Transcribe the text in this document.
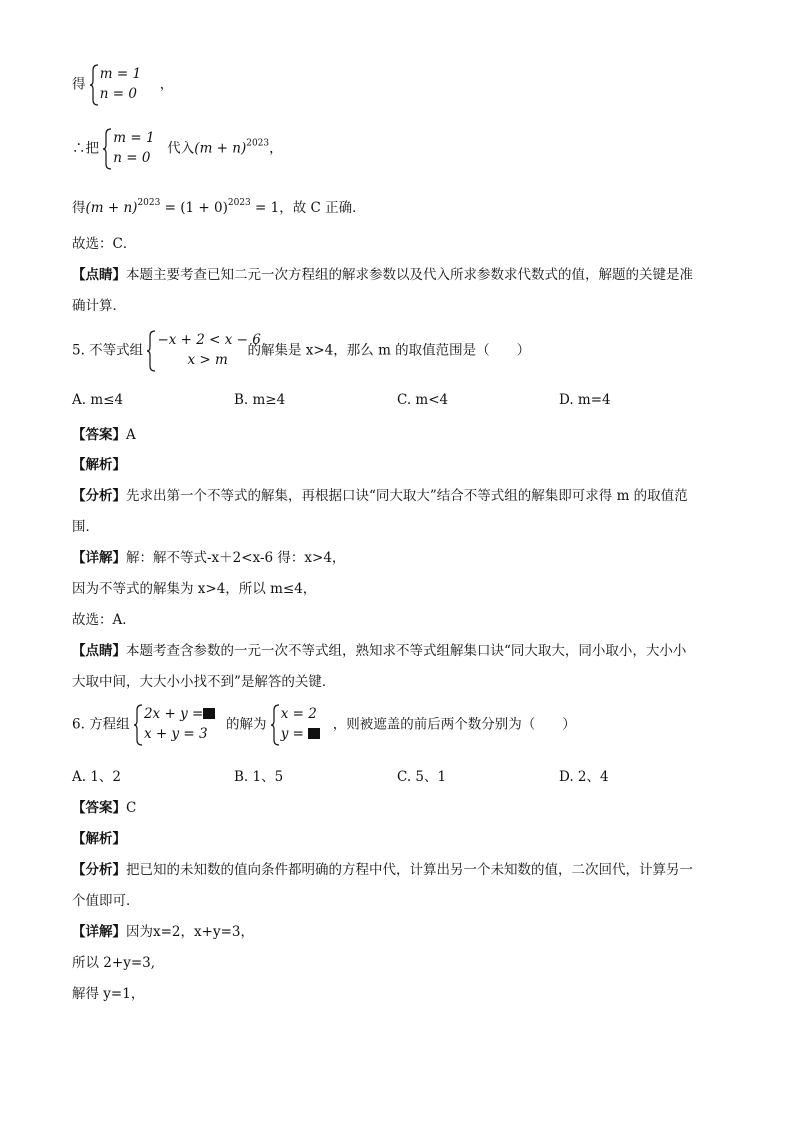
得
m = 1
n = 0
，
∴把
m = 1
n = 0
代入$(m + n)^{2023}$，
得$(m + n)^{2023} = (1 + 0)^{2023} = 1$，故 C 正确．
故选：C．
【点睛】本题主要考查已知二元一次方程组的解求参数以及代入所求参数求代数式的值，解题的关键是准
确计算．
5. 不等式组
−x + 2 < x − 6
x > m
的解集是 x>4，那么 m 的取值范围是（　　）
A. m≤4	B. m≥4	C. m<4	D. m=4
【答案】A
【解析】
【分析】先求出第一个不等式的解集，再根据口诀“同大取大”结合不等式组的解集即可求得 m 的取值范
围．
【详解】解：解不等式-x＋2<x-6 得：x>4，
因为不等式的解集为 x>4，所以 m≤4，
故选：A．
【点睛】本题考查含参数的一元一次不等式组，熟知求不等式组解集口诀“同大取大，同小取小，大小小
大取中间，大大小小找不到”是解答的关键．
6. 方程组
2x + y =
x + y = 3
的解为
x = 2
y =
，则被遮盖的前后两个数分别为（　　）
A. 1、2	B. 1、5	C. 5、1	D. 2、4
【答案】C
【解析】
【分析】把已知的未知数的值向条件都明确的方程中代，计算出另一个未知数的值，二次回代，计算另一
个值即可．
【详解】因为x=2，x+y=3，
所以 2+y=3,
解得 y=1，
